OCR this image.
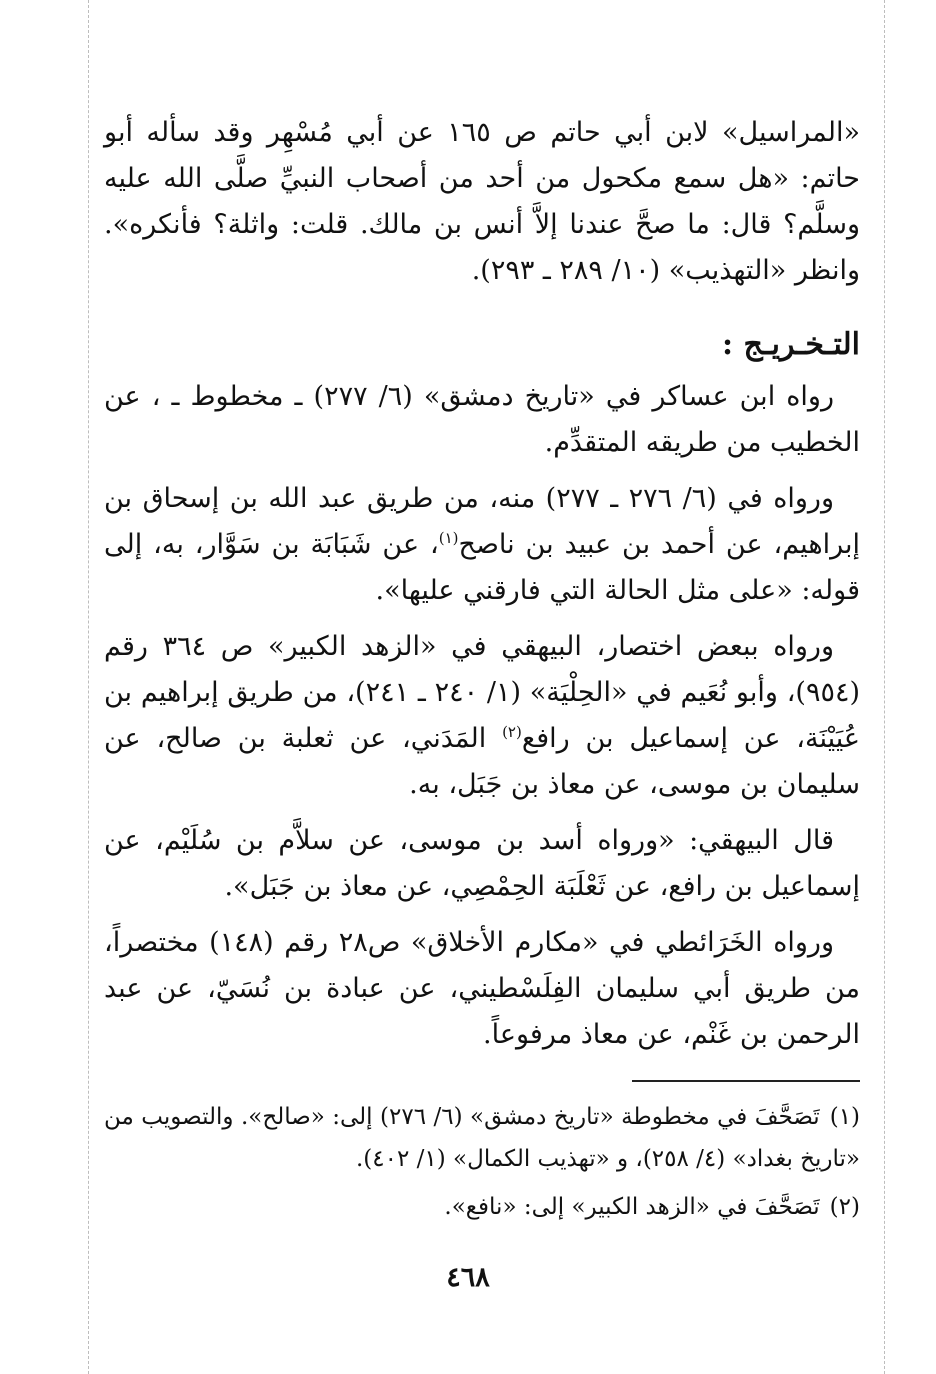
«المراسيل» لابن أبي حاتم ص ١٦٥ عن أبي مُسْهِر وقد سأله أبو حاتم: «هل سمع مكحول من أحد من أصحاب النبيِّ صلَّى الله عليه وسلَّم؟ قال: ما صحَّ عندنا إلاَّ أنس بن مالك. قلت: واثلة؟ فأنكره». وانظر «التهذيب» (١٠/ ٢٨٩ ـ ٢٩٣).

التـخـريـج :

رواه ابن عساكر في «تاريخ دمشق» (٦/ ٢٧٧) ـ مخطوط ـ ، عن الخطيب من طريقه المتقدِّم.

ورواه في (٦/ ٢٧٦ ـ ٢٧٧) منه، من طريق عبد الله بن إسحاق بن إبراهيم، عن أحمد بن عبيد بن ناصح$^{(١)}$، عن شَبَابَة بن سَوَّار، به، إلى قوله: «على مثل الحالة التي فارقني عليها».

ورواه ببعض اختصار، البيهقي في «الزهد الكبير» ص ٣٦٤ رقم (٩٥٤)، وأبو نُعَيم في «الحِلْيَة» (١/ ٢٤٠ ـ ٢٤١)، من طريق إبراهيم بن عُيَيْنَة، عن إسماعيل بن رافع$^{(٢)}$ المَدَني، عن ثعلبة بن صالح، عن سليمان بن موسى، عن معاذ بن جَبَل، به.

قال البيهقي: «ورواه أسد بن موسى، عن سلاَّم بن سُلَيْم، عن إسماعيل بن رافع، عن ثَعْلَبَة الحِمْصِي، عن معاذ بن جَبَل».

ورواه الخَرَائطي في «مكارم الأخلاق» ص٢٨ رقم (١٤٨) مختصراً، من طريق أبي سليمان الفِلَسْطيني، عن عبادة بن نُسَيّ، عن عبد الرحمن بن غَنْم، عن معاذ مرفوعاً.

(١)تَصَحَّفَ في مخطوطة «تاريخ دمشق» (٦/ ٢٧٦) إلى: «صالح». والتصويب من «تاريخ بغداد» (٤/ ٢٥٨)، و «تهذيب الكمال» (١/ ٤٠٢).

(٢)تَصَحَّفَ في «الزهد الكبير» إلى: «نافع».

٤٦٨
